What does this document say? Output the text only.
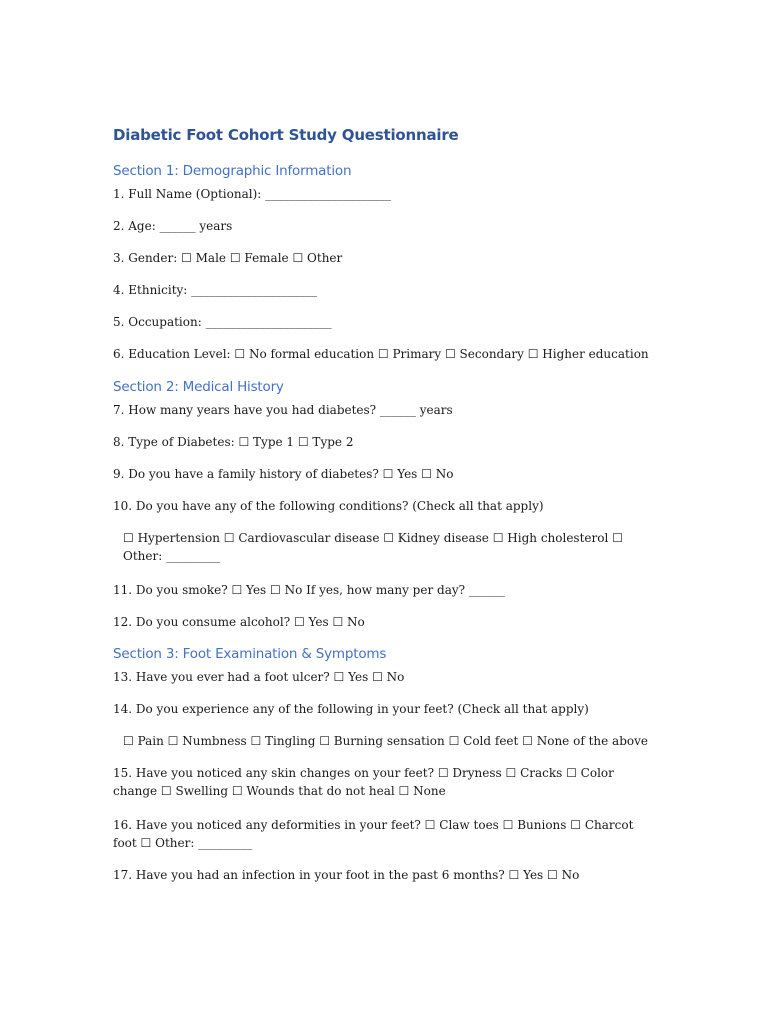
Diabetic Foot Cohort Study Questionnaire
Section 1: Demographic Information
1. Full Name (Optional): _____________________
2. Age: ______ years
3. Gender: ☐ Male ☐ Female ☐ Other
4. Ethnicity: _____________________
5. Occupation: _____________________
6. Education Level: ☐ No formal education ☐ Primary ☐ Secondary ☐ Higher education
Section 2: Medical History
7. How many years have you had diabetes? ______ years
8. Type of Diabetes: ☐ Type 1 ☐ Type 2
9. Do you have a family history of diabetes? ☐ Yes ☐ No
10. Do you have any of the following conditions? (Check all that apply)
☐ Hypertension ☐ Cardiovascular disease ☐ Kidney disease ☐ High cholesterol ☐ Other: _________
11. Do you smoke? ☐ Yes ☐ No If yes, how many per day? ______
12. Do you consume alcohol? ☐ Yes ☐ No
Section 3: Foot Examination & Symptoms
13. Have you ever had a foot ulcer? ☐ Yes ☐ No
14. Do you experience any of the following in your feet? (Check all that apply)
☐ Pain ☐ Numbness ☐ Tingling ☐ Burning sensation ☐ Cold feet ☐ None of the above
15. Have you noticed any skin changes on your feet? ☐ Dryness ☐ Cracks ☐ Color change ☐ Swelling ☐ Wounds that do not heal ☐ None
16. Have you noticed any deformities in your feet? ☐ Claw toes ☐ Bunions ☐ Charcot foot ☐ Other: _________
17. Have you had an infection in your foot in the past 6 months? ☐ Yes ☐ No
